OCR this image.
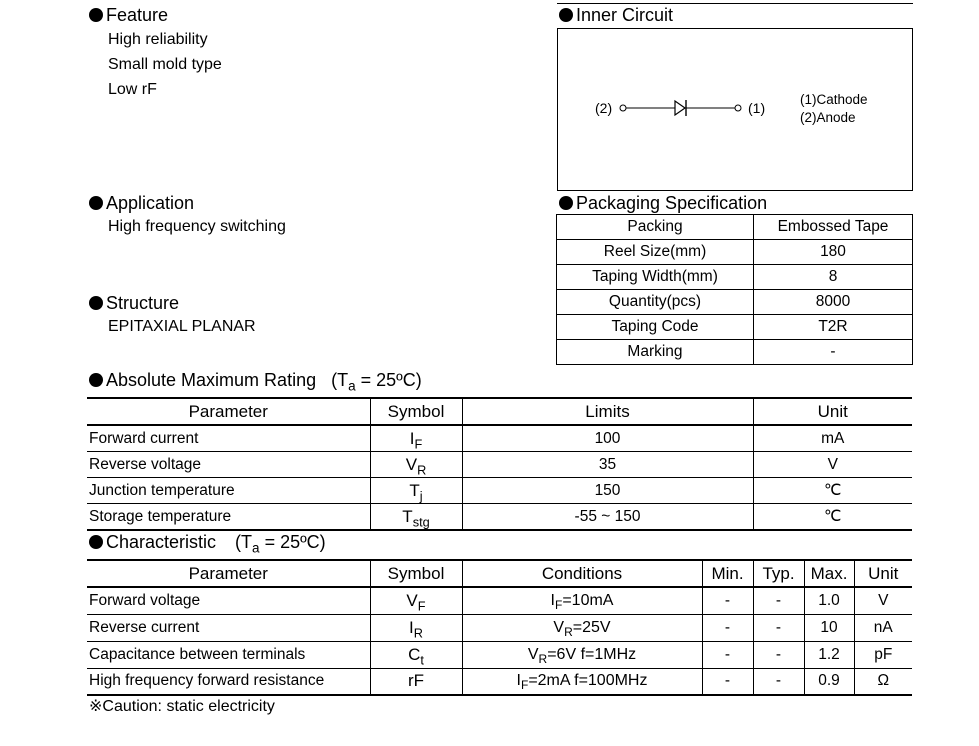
Feature
High reliability
Small mold type
Low rF
Application
High frequency switching
Structure
EPITAXIAL PLANAR
Inner Circuit
(2)	(1)
(1)Cathode
(2)Anode
Packaging Specification
Packing	Embossed Tape
Reel Size(mm)	180
Taping Width(mm)	8
Quantity(pcs)	8000
Taping Code	T2R
Marking	-
Absolute Maximum Rating ($T_a$ = 25ºC)
Parameter	Symbol	Limits	Unit
Forward current	$I_F$	100	mA
Reverse voltage	$V_R$	35	V
Junction temperature	$T_j$	150	℃
Storage temperature	$T_{stg}$	-55 ~ 150	℃
Characteristic ($T_a$ = 25ºC)
Parameter	Symbol	Conditions	Min.	Typ.	Max.	Unit
Forward voltage	$V_F$	$I_F=10mA$	-	-	1.0	V
Reverse current	$I_R$	$V_R=25V$	-	-	10	nA
Capacitance between terminals	$C_t$	$V_R=6V$ f=1MHz	-	-	1.2	pF
High frequency forward resistance	rF	$I_F=2mA$ f=100MHz	-	-	0.9	Ω
※Caution: static electricity
